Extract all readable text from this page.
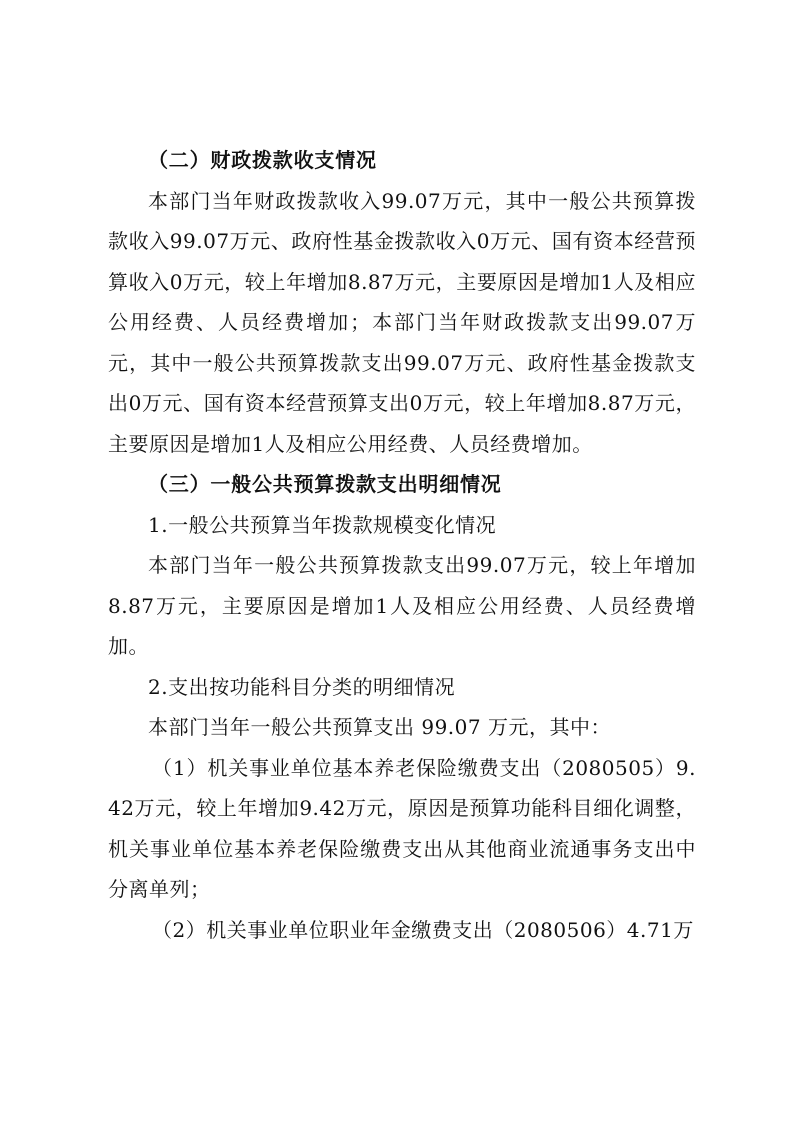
（二）财政拨款收支情况

本部门当年财政拨款收入99.07万元，其中一般公共预算拨款收入99.07万元、政府性基金拨款收入0万元、国有资本经营预算收入0万元，较上年增加8.87万元，主要原因是增加1人及相应公用经费、人员经费增加；本部门当年财政拨款支出99.07万元，其中一般公共预算拨款支出99.07万元、政府性基金拨款支出0万元、国有资本经营预算支出0万元，较上年增加8.87万元，主要原因是增加1人及相应公用经费、人员经费增加。

（三）一般公共预算拨款支出明细情况

1.一般公共预算当年拨款规模变化情况

本部门当年一般公共预算拨款支出99.07万元，较上年增加8.87万元，主要原因是增加1人及相应公用经费、人员经费增加。

2.支出按功能科目分类的明细情况

本部门当年一般公共预算支出 99.07 万元，其中：

（1）机关事业单位基本养老保险缴费支出（2080505）9.42万元，较上年增加9.42万元，原因是预算功能科目细化调整，机关事业单位基本养老保险缴费支出从其他商业流通事务支出中分离单列；

（2）机关事业单位职业年金缴费支出（2080506）4.71万
